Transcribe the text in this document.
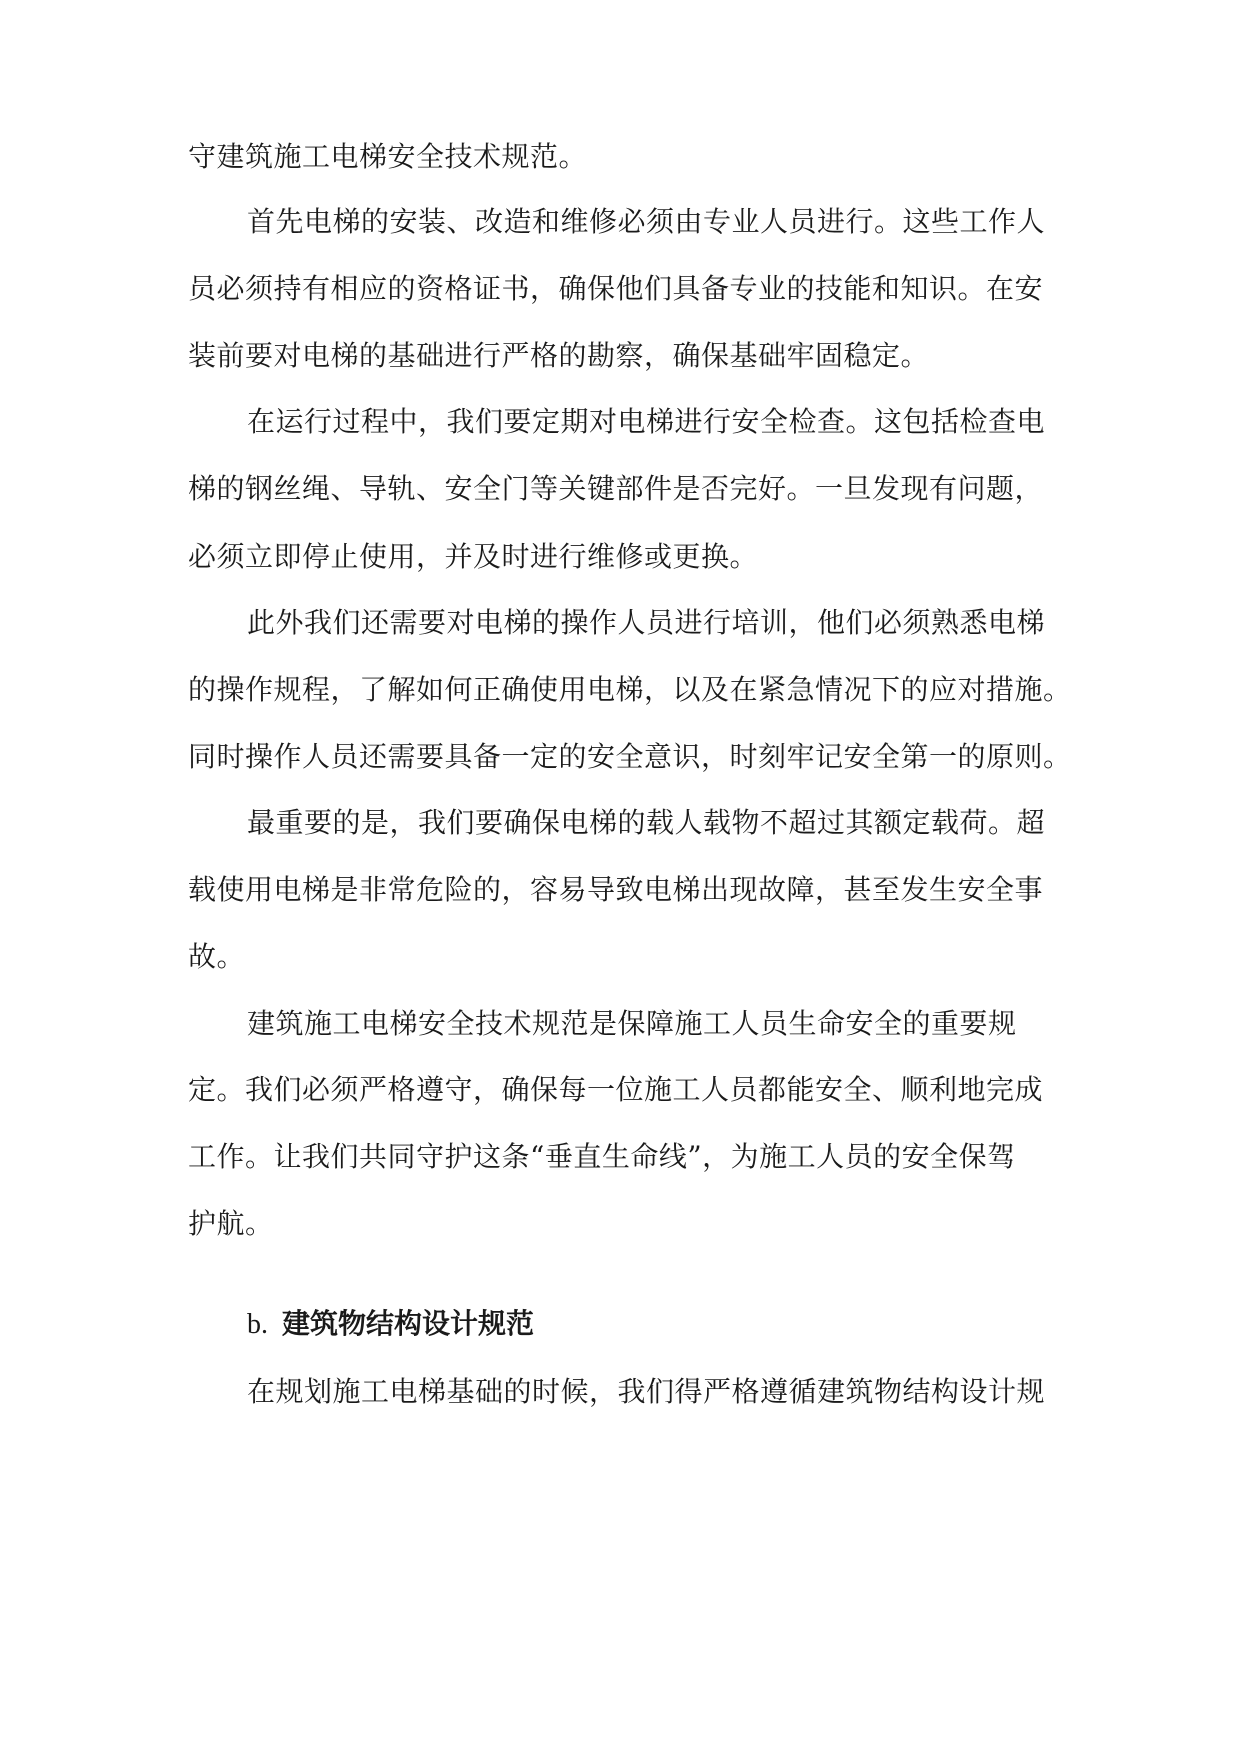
守建筑施工电梯安全技术规范。
首先电梯的安装、改造和维修必须由专业人员进行。这些工作人
员必须持有相应的资格证书，确保他们具备专业的技能和知识。在安
装前要对电梯的基础进行严格的勘察，确保基础牢固稳定。
在运行过程中，我们要定期对电梯进行安全检查。这包括检查电
梯的钢丝绳、导轨、安全门等关键部件是否完好。一旦发现有问题，
必须立即停止使用，并及时进行维修或更换。
此外我们还需要对电梯的操作人员进行培训，他们必须熟悉电梯
的操作规程，了解如何正确使用电梯，以及在紧急情况下的应对措施。
同时操作人员还需要具备一定的安全意识，时刻牢记安全第一的原则。
最重要的是，我们要确保电梯的载人载物不超过其额定载荷。超
载使用电梯是非常危险的，容易导致电梯出现故障，甚至发生安全事
故。
建筑施工电梯安全技术规范是保障施工人员生命安全的重要规
定。我们必须严格遵守，确保每一位施工人员都能安全、顺利地完成
工作。让我们共同守护这条“垂直生命线”，为施工人员的安全保驾
护航。
b. 建筑物结构设计规范
在规划施工电梯基础的时候，我们得严格遵循建筑物结构设计规
